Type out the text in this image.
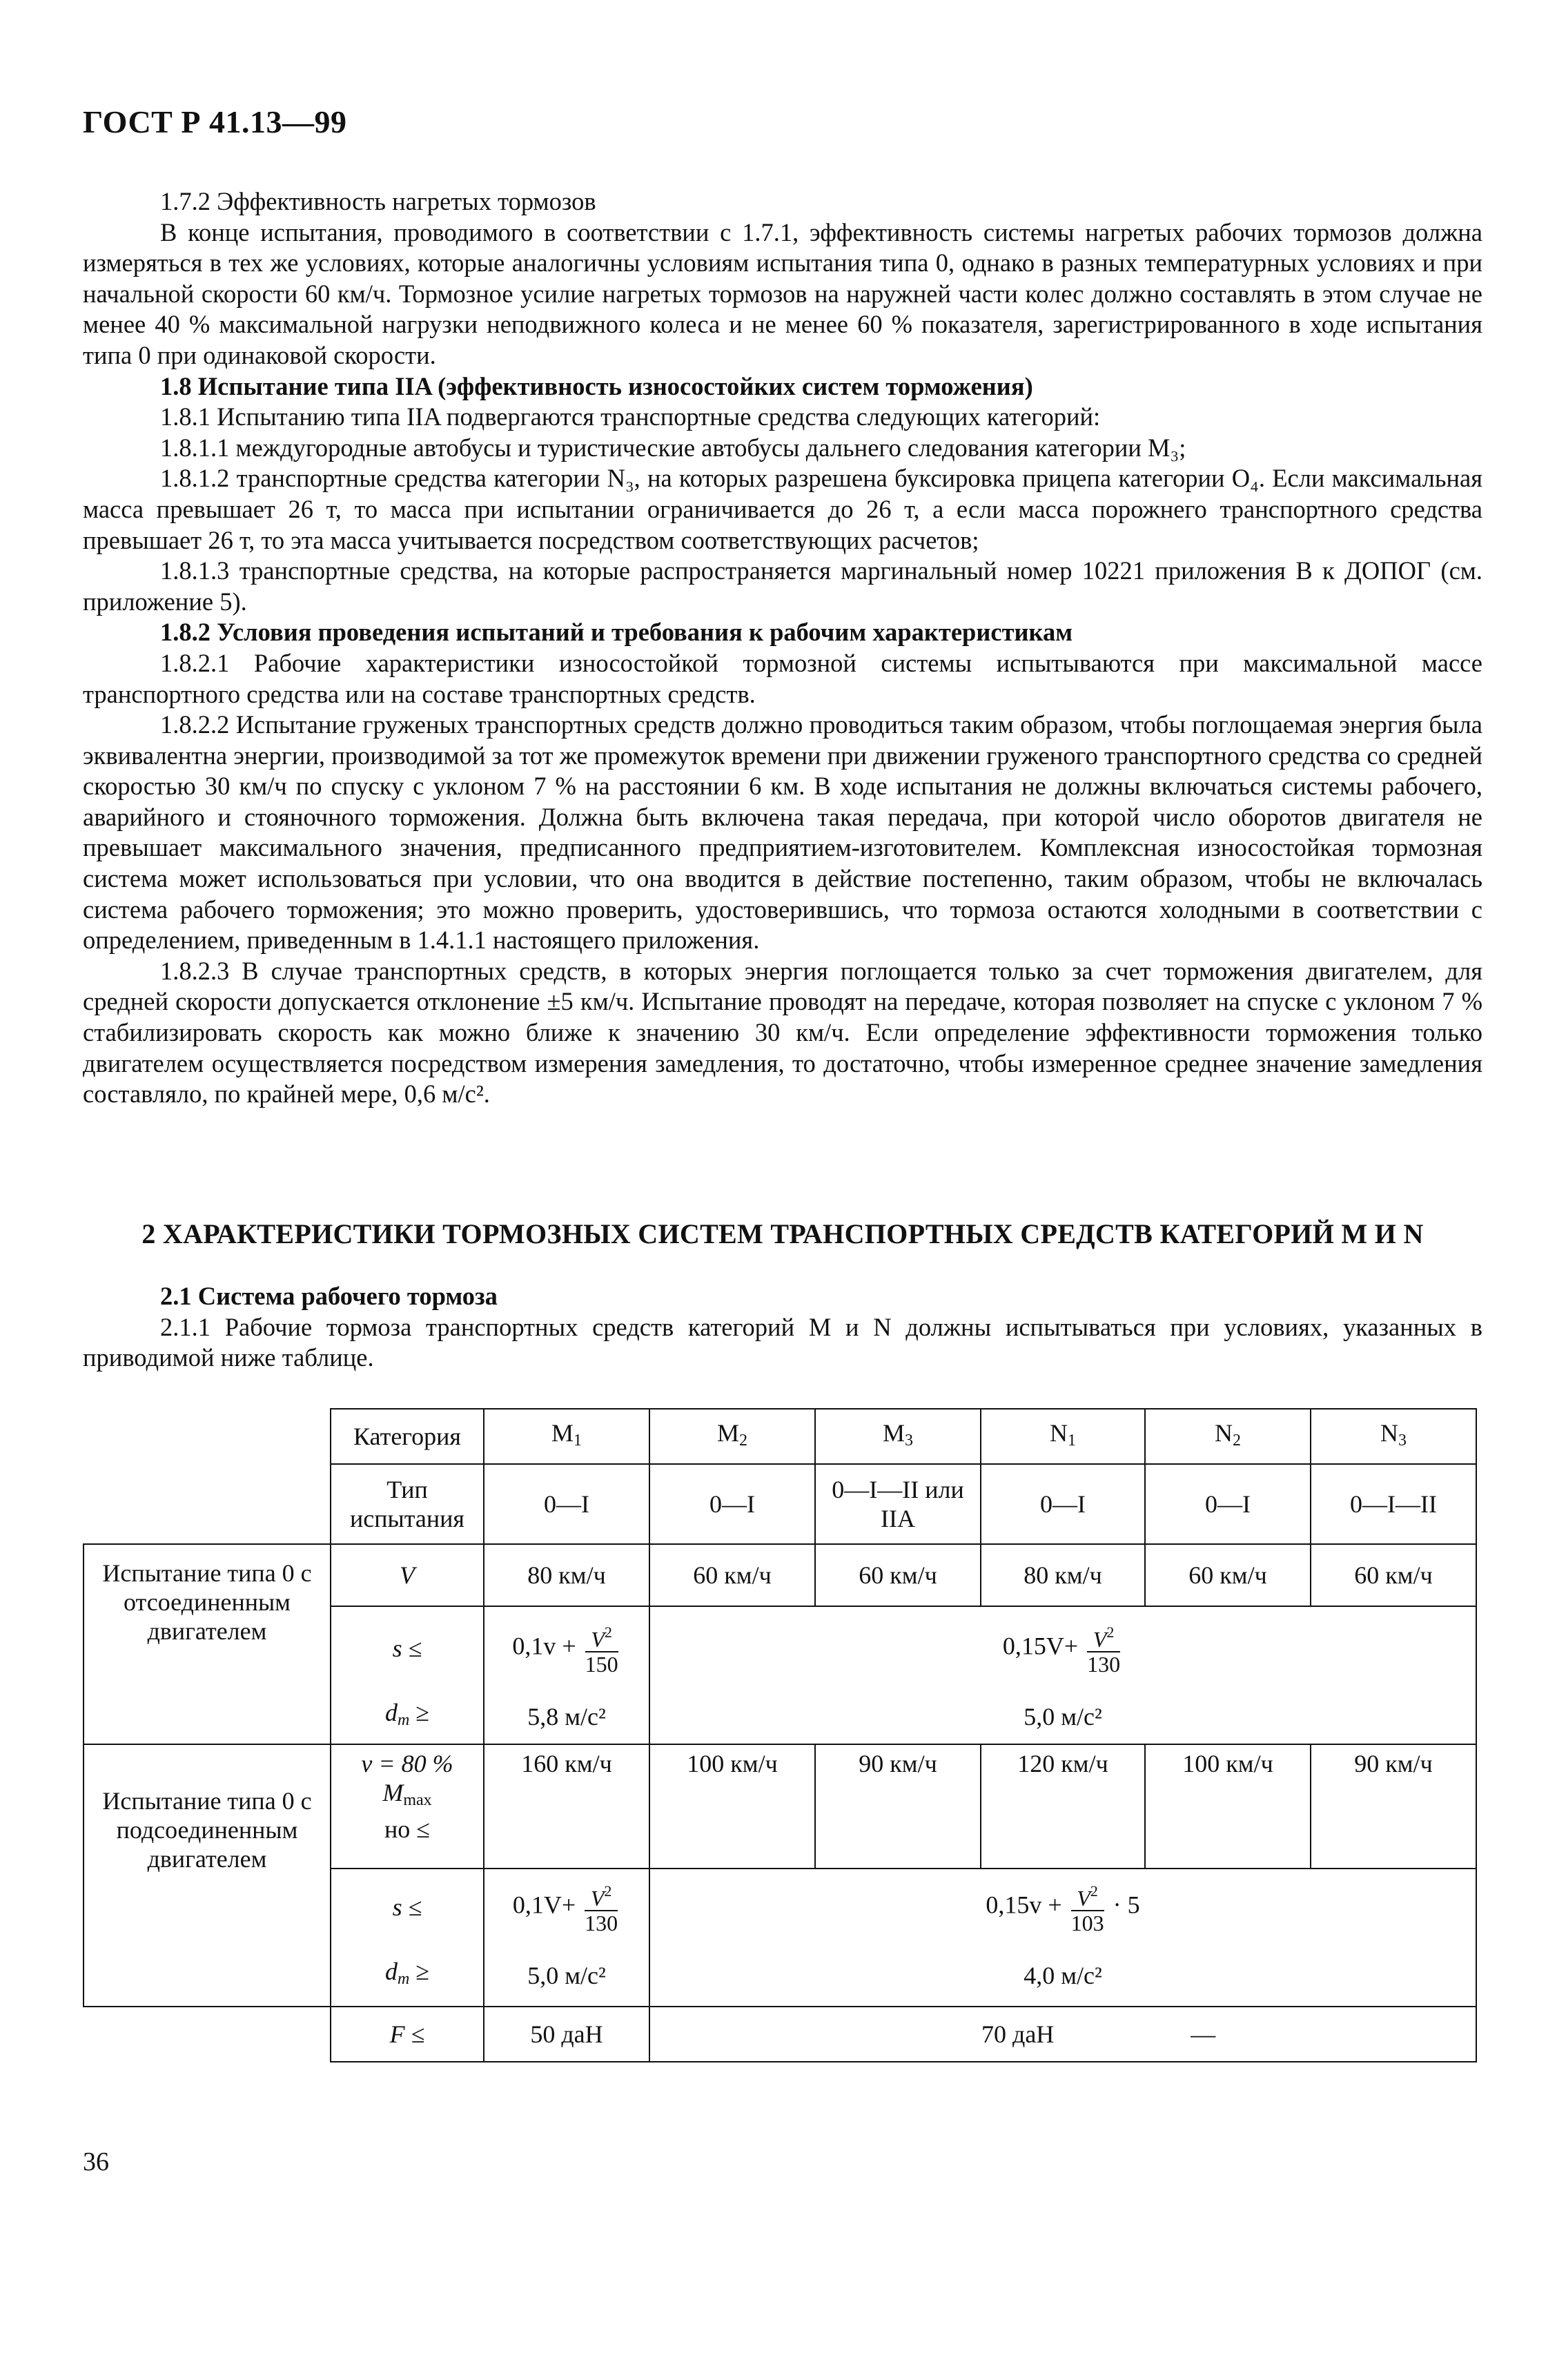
ГОСТ Р 41.13—99

1.7.2 Эффективность нагретых тормозов

В конце испытания, проводимого в соответствии с 1.7.1, эффективность системы нагретых рабочих тормозов должна измеряться в тех же условиях, которые аналогичны условиям испытания типа 0, однако в разных температурных условиях и при начальной скорости 60 км/ч. Тормозное усилие нагретых тормозов на наружней части колес должно составлять в этом случае не менее 40 % максимальной нагрузки неподвижного колеса и не менее 60 % показателя, зарегистрированного в ходе испытания типа 0 при одинаковой скорости.

1.8 Испытание типа IIA (эффективность износостойких систем торможения)

1.8.1 Испытанию типа IIA подвергаются транспортные средства следующих категорий:

1.8.1.1 междугородные автобусы и туристические автобусы дальнего следования категории M₃;

1.8.1.2 транспортные средства категории N₃, на которых разрешена буксировка прицепа категории O₄. Если максимальная масса превышает 26 т, то масса при испытании ограничивается до 26 т, а если масса порожнего транспортного средства превышает 26 т, то эта масса учитывается посредством соответствующих расчетов;

1.8.1.3 транспортные средства, на которые распространяется маргинальный номер 10221 приложения B к ДОПОГ (см. приложение 5).

1.8.2 Условия проведения испытаний и требования к рабочим характеристикам

1.8.2.1 Рабочие характеристики износостойкой тормозной системы испытываются при максимальной массе транспортного средства или на составе транспортных средств.

1.8.2.2 Испытание груженых транспортных средств должно проводиться таким образом, чтобы поглощаемая энергия была эквивалентна энергии, производимой за тот же промежуток времени при движении груженого транспортного средства со средней скоростью 30 км/ч по спуску с уклоном 7 % на расстоянии 6 км. В ходе испытания не должны включаться системы рабочего, аварийного и стояночного торможения. Должна быть включена такая передача, при которой число оборотов двигателя не превышает максимального значения, предписанного предприятием-изготовителем. Комплексная износостойкая тормозная система может использоваться при условии, что она вводится в действие постепенно, таким образом, чтобы не включалась система рабочего торможения; это можно проверить, удостоверившись, что тормоза остаются холодными в соответствии с определением, приведенным в 1.4.1.1 настоящего приложения.

1.8.2.3 В случае транспортных средств, в которых энергия поглощается только за счет торможения двигателем, для средней скорости допускается отклонение ±5 км/ч. Испытание проводят на передаче, которая позволяет на спуске с уклоном 7 % стабилизировать скорость как можно ближе к значению 30 км/ч. Если определение эффективности торможения только двигателем осуществляется посредством измерения замедления, то достаточно, чтобы измеренное среднее значение замедления составляло, по крайней мере, 0,6 м/с².

2 ХАРАКТЕРИСТИКИ ТОРМОЗНЫХ СИСТЕМ ТРАНСПОРТНЫХ СРЕДСТВ КАТЕГОРИЙ M И N

2.1 Система рабочего тормоза

2.1.1 Рабочие тормоза транспортных средств категорий M и N должны испытываться при условиях, указанных в приводимой ниже таблице.

	Категория	$M_1$	$M_2$	$M_3$	$N_1$	$N_2$	$N_3$
	Тип испытания	0—I	0—I	0—I—II или IIA	0—I	0—I	0—I—II
Испытание типа 0 с отсоединенным двигателем	V	80 км/ч	60 км/ч	60 км/ч	80 км/ч	60 км/ч	60 км/ч
	s ≤	$0,1v + \frac{V^2}{150}$	$0,15V+ \frac{V^2}{130}$

	$d_m$ ≥	5,8 м/с²	5,0 м/с²				
Испытание типа 0 с подсоединенным двигателем	v = 80 %
$M_{max}$
но ≤	160 км/ч	100 км/ч	90 км/ч	120 км/ч	100 км/ч	90 км/ч
	s ≤	$0,1V+ \frac{V^2}{130}$	$0,15v + \frac{V^2}{103} \cdot 5$				
	$d_m$ ≥	5,0 м/с²	4,0 м/с²				
	F ≤	50 даН	70 даН —				
36
